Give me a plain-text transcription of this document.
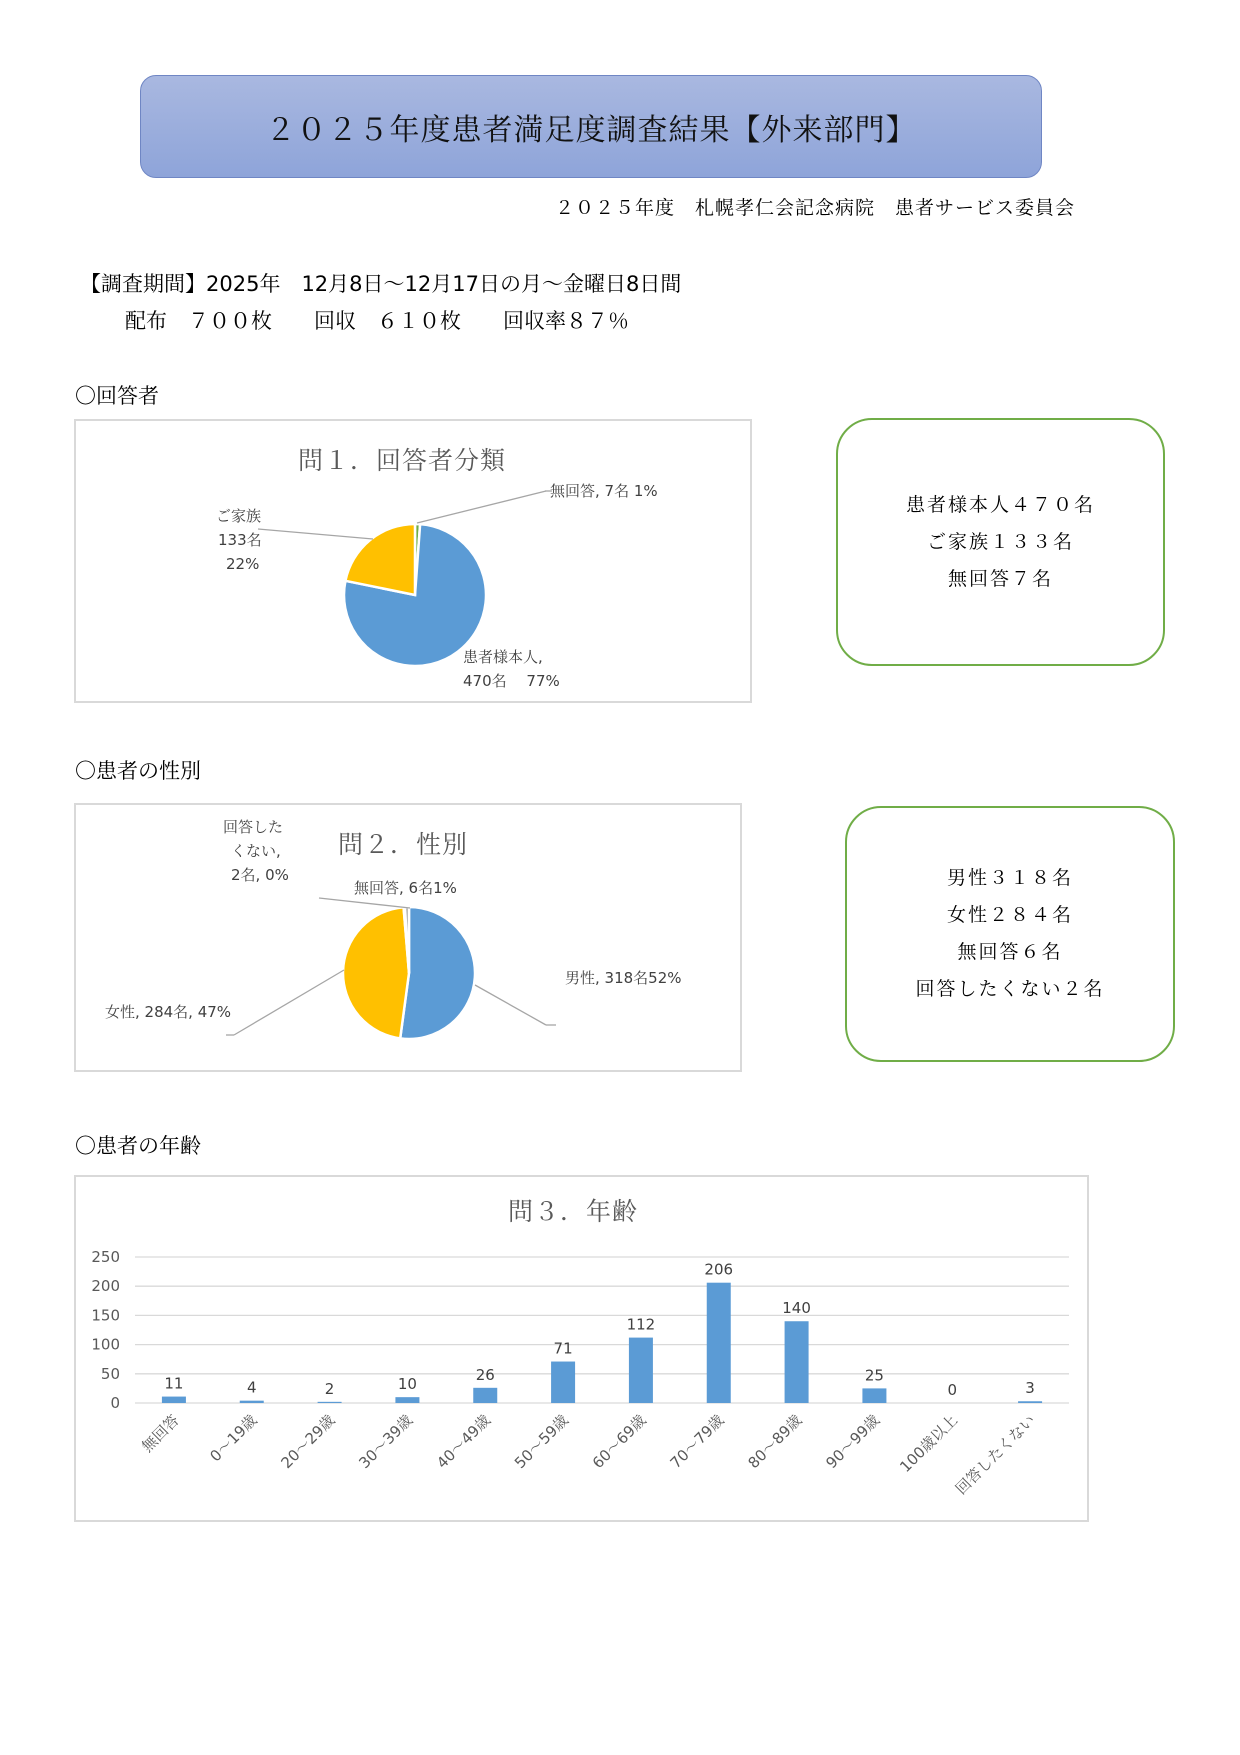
２０２５年度患者満足度調査結果【外来部門】
２０２５年度　札幌孝仁会記念病院　患者サービス委員会
【調査期間】2025年　12月8日～12月17日の月～金曜日8日間
配布　７００枚　　回収　６１０枚　　回収率８７％
〇回答者
問１．回答者分類
無回答, 7名 1%
ご家族
133名
22%
患者様本人,
470名　 77%
患者様本人４７０名
ご家族１３３名
無回答７名
〇患者の性別
問２．性別
回答した
くない,
2名, 0%
無回答, 6名1%
男性, 318名52%
女性, 284名, 47%
男性３１８名
女性２８４名
無回答６名
回答したくない２名
〇患者の年齢
問３．年齢
0
50
100
150
200
250
11	4	2	10
26
71
112
206
140
25
0	3
無回答 0～19歳 20～29歳 30～39歳 40～49歳 50～59歳 60～69歳 70～79歳 80～89歳 90～99歳 100歳以上
回答したくない
